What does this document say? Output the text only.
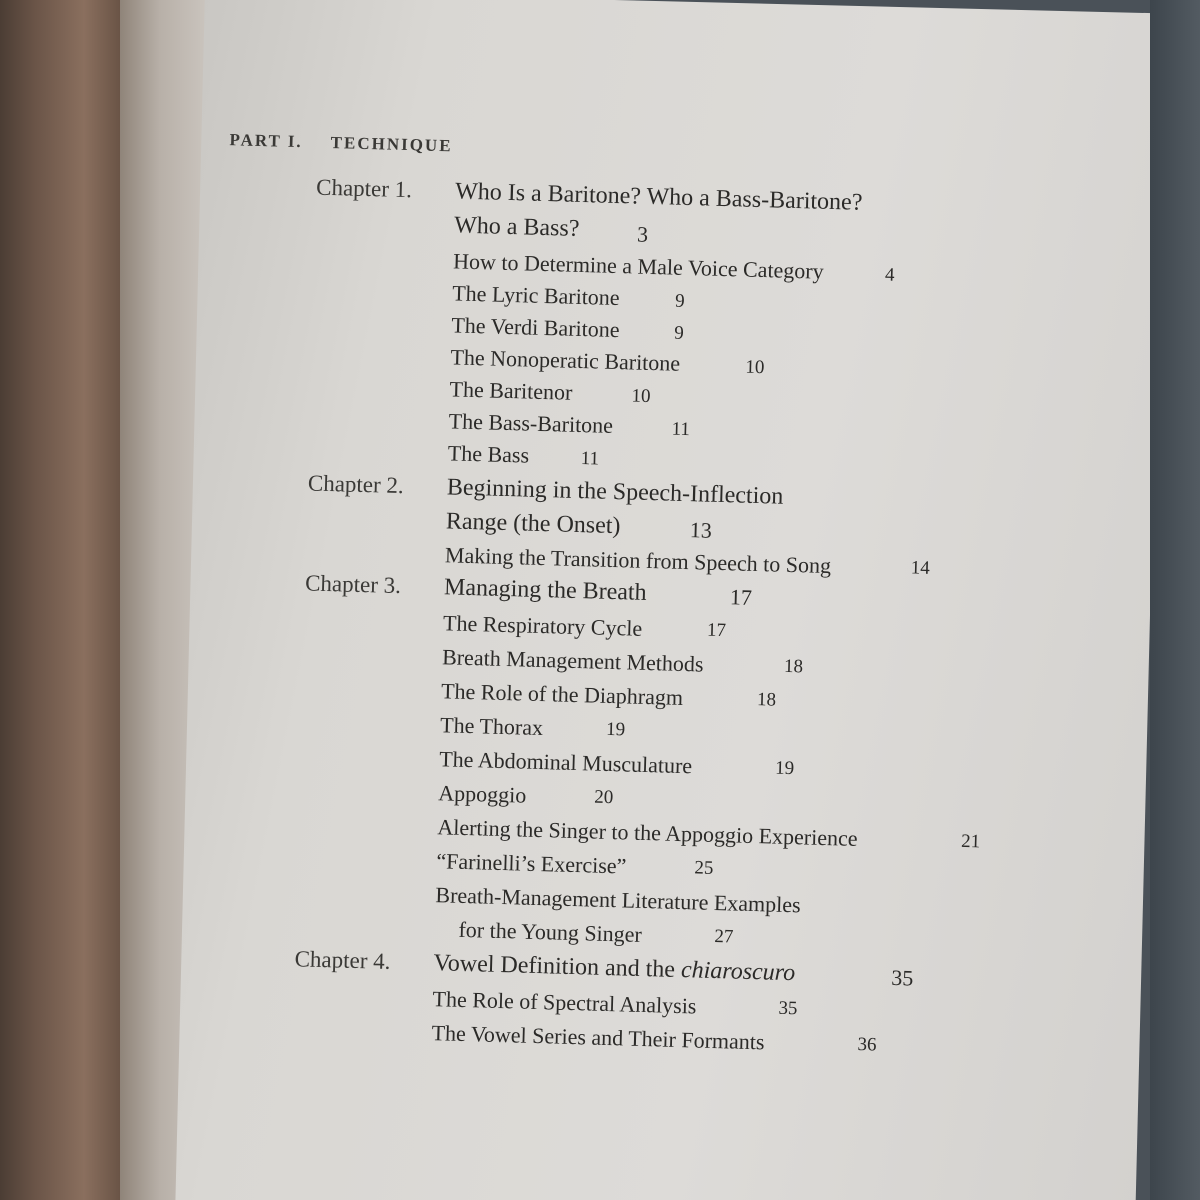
PART I. TECHNIQUE
Chapter 1. Who Is a Baritone? Who a Bass-Baritone?
Who a Bass?	3
How to Determine a Male Voice Category	4
The Lyric Baritone	9
The Verdi Baritone	9
The Nonoperatic Baritone	10
The Baritenor	10
The Bass-Baritone	11
The Bass	11
Chapter 2. Beginning in the Speech-Inflection
Range (the Onset)	13
Making the Transition from Speech to Song	14
Chapter 3. Managing the Breath	17
The Respiratory Cycle	17
Breath Management Methods	18
The Role of the Diaphragm	18
The Thorax	19
The Abdominal Musculature	19
Appoggio	20
Alerting the Singer to the Appoggio Experience	21
“Farinelli’s Exercise”	25
Breath-Management Literature Examples
for the Young Singer	27
Chapter 4. Vowel Definition and the chiaroscuro	35
The Role of Spectral Analysis	35
The Vowel Series and Their Formants	36
